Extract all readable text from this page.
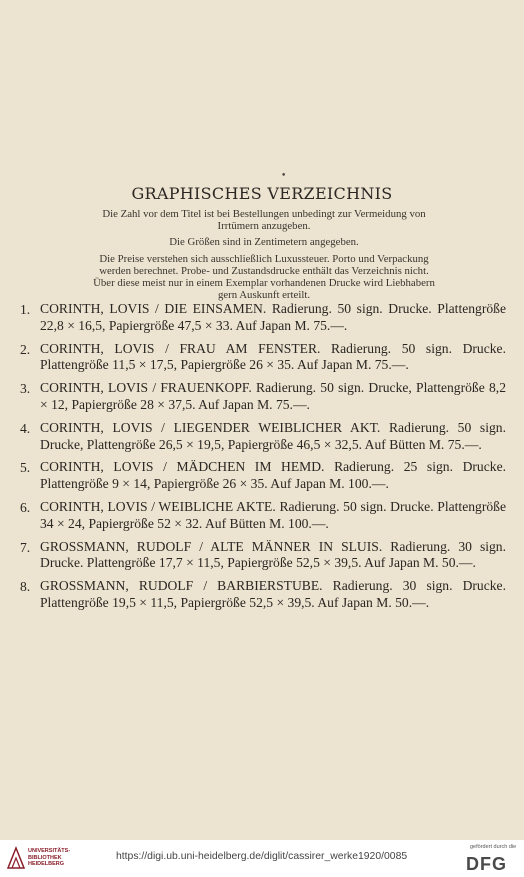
•
GRAPHISCHES VERZEICHNIS
Die Zahl vor dem Titel ist bei Bestellungen unbedingt zur Vermeidung von
Irrtümern anzugeben.
Die Größen sind in Zentimetern angegeben.
Die Preise verstehen sich ausschließlich Luxussteuer. Porto und Verpackung
werden berechnet. Probe- und Zustandsdrucke enthält das Verzeichnis nicht.
Über diese meist nur in einem Exemplar vorhandenen Drucke wird Liebhabern
gern Auskunft erteilt.
1. CORINTH, LOVIS / DIE EINSAMEN. Radierung. 50 sign. Drucke. Plattengröße 22,8 × 16,5, Papiergröße 47,5 × 33. Auf Japan M. 75.—.
2. CORINTH, LOVIS / FRAU AM FENSTER. Radierung. 50 sign. Drucke. Plattengröße 11,5 × 17,5, Papiergröße 26 × 35. Auf Japan M. 75.—.
3. CORINTH, LOVIS / FRAUENKOPF. Radierung. 50 sign. Drucke, Plattengröße 8,2 × 12, Papiergröße 28 × 37,5. Auf Japan M. 75.—.
4. CORINTH, LOVIS / LIEGENDER WEIBLICHER AKT. Radierung. 50 sign. Drucke, Plattengröße 26,5 × 19,5, Papiergröße 46,5 × 32,5. Auf Bütten M. 75.—.
5. CORINTH, LOVIS / MÄDCHEN IM HEMD. Radierung. 25 sign. Drucke. Plattengröße 9 × 14, Papiergröße 26 × 35. Auf Japan M. 100.—.
6. CORINTH, LOVIS / WEIBLICHE AKTE. Radierung. 50 sign. Drucke. Plattengröße 34 × 24, Papiergröße 52 × 32. Auf Bütten M. 100.—.
7. GROSSMANN, RUDOLF / ALTE MÄNNER IN SLUIS. Radierung. 30 sign. Drucke. Plattengröße 17,7 × 11,5, Papiergröße 52,5 × 39,5. Auf Japan M. 50.—.
8. GROSSMANN, RUDOLF / BARBIERSTUBE. Radierung. 30 sign. Drucke. Plattengröße 19,5 × 11,5, Papiergröße 52,5 × 39,5. Auf Japan M. 50.—.
UNIVERSITÄTS-
BIBLIOTHEK
HEIDELBERG
https://digi.ub.uni-heidelberg.de/diglit/cassirer_werke1920/0085
gefördert durch die
DFG
